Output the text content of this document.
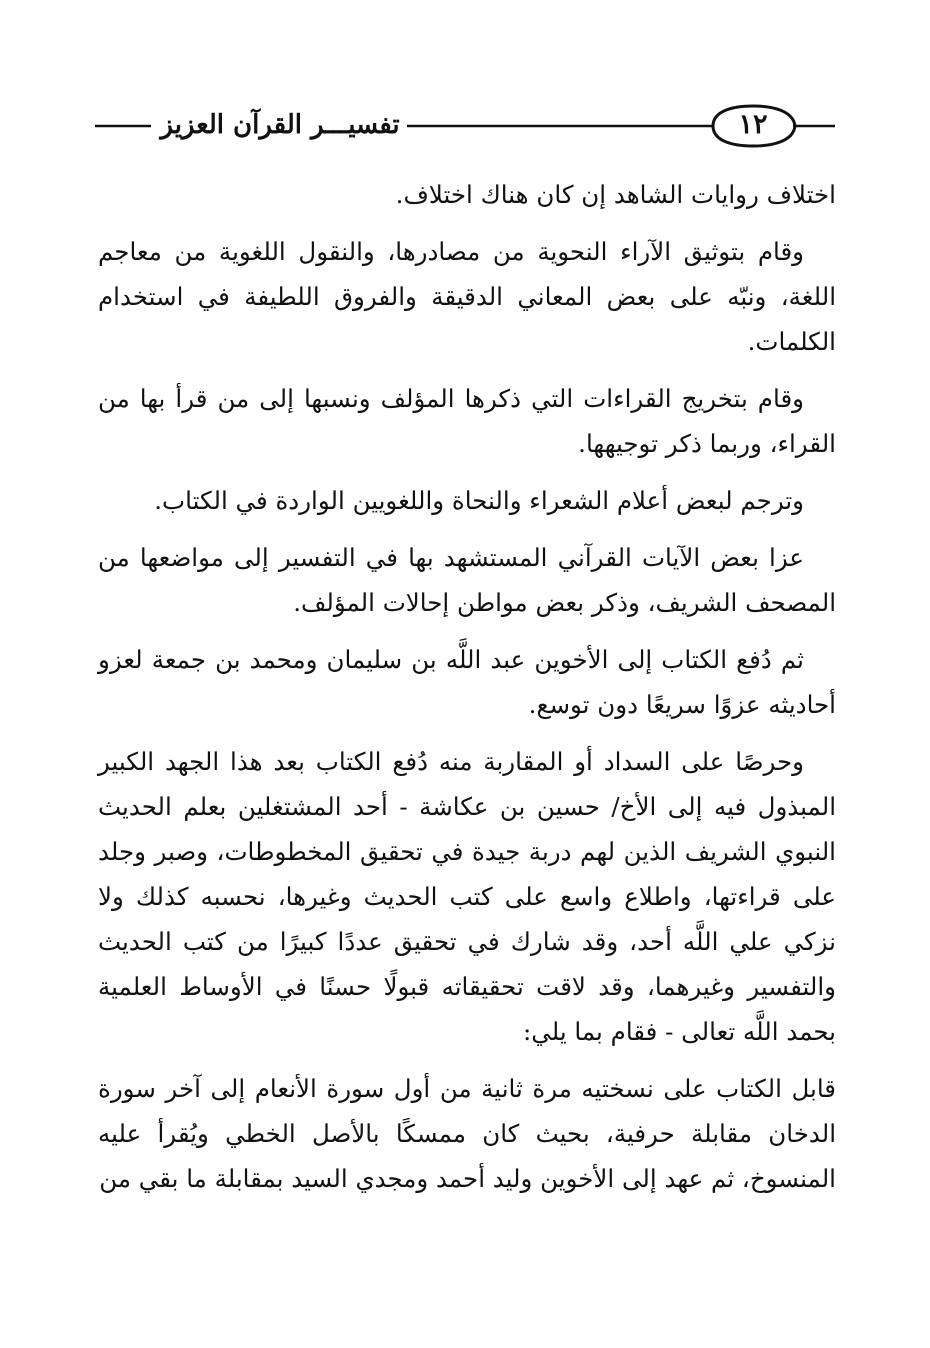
١٢
تفسيـــر القرآن العزيز

اختلاف روايات الشاهد إن كان هناك اختلاف.

وقام بتوثيق الآراء النحوية من مصادرها، والنقول اللغوية من معاجم اللغة، ونبّه على بعض المعاني الدقيقة والفروق اللطيفة في استخدام الكلمات.

وقام بتخريج القراءات التي ذكرها المؤلف ونسبها إلى من قرأ بها من القراء، وربما ذكر توجيهها.

وترجم لبعض أعلام الشعراء والنحاة واللغويين الواردة في الكتاب.

عزا بعض الآيات القرآني المستشهد بها في التفسير إلى مواضعها من المصحف الشريف، وذكر بعض مواطن إحالات المؤلف.

ثم دُفع الكتاب إلى الأخوين عبد اللَّه بن سليمان ومحمد بن جمعة لعزو أحاديثه عزوًا سريعًا دون توسع.

وحرصًا على السداد أو المقاربة منه دُفع الكتاب بعد هذا الجهد الكبير المبذول فيه إلى الأخ/ حسين بن عكاشة - أحد المشتغلين بعلم الحديث النبوي الشريف الذين لهم دربة جيدة في تحقيق المخطوطات، وصبر وجلد على قراءتها، واطلاع واسع على كتب الحديث وغيرها، نحسبه كذلك ولا نزكي علي اللَّه أحد، وقد شارك في تحقيق عددًا كبيرًا من كتب الحديث والتفسير وغيرهما، وقد لاقت تحقيقاته قبولًا حسنًا في الأوساط العلمية بحمد اللَّه تعالى - فقام بما يلي:

قابل الكتاب على نسختيه مرة ثانية من أول سورة الأنعام إلى آخر سورة الدخان مقابلة حرفية، بحيث كان ممسكًا بالأصل الخطي ويُقرأ عليه المنسوخ، ثم عهد إلى الأخوين وليد أحمد ومجدي السيد بمقابلة ما بقي من
